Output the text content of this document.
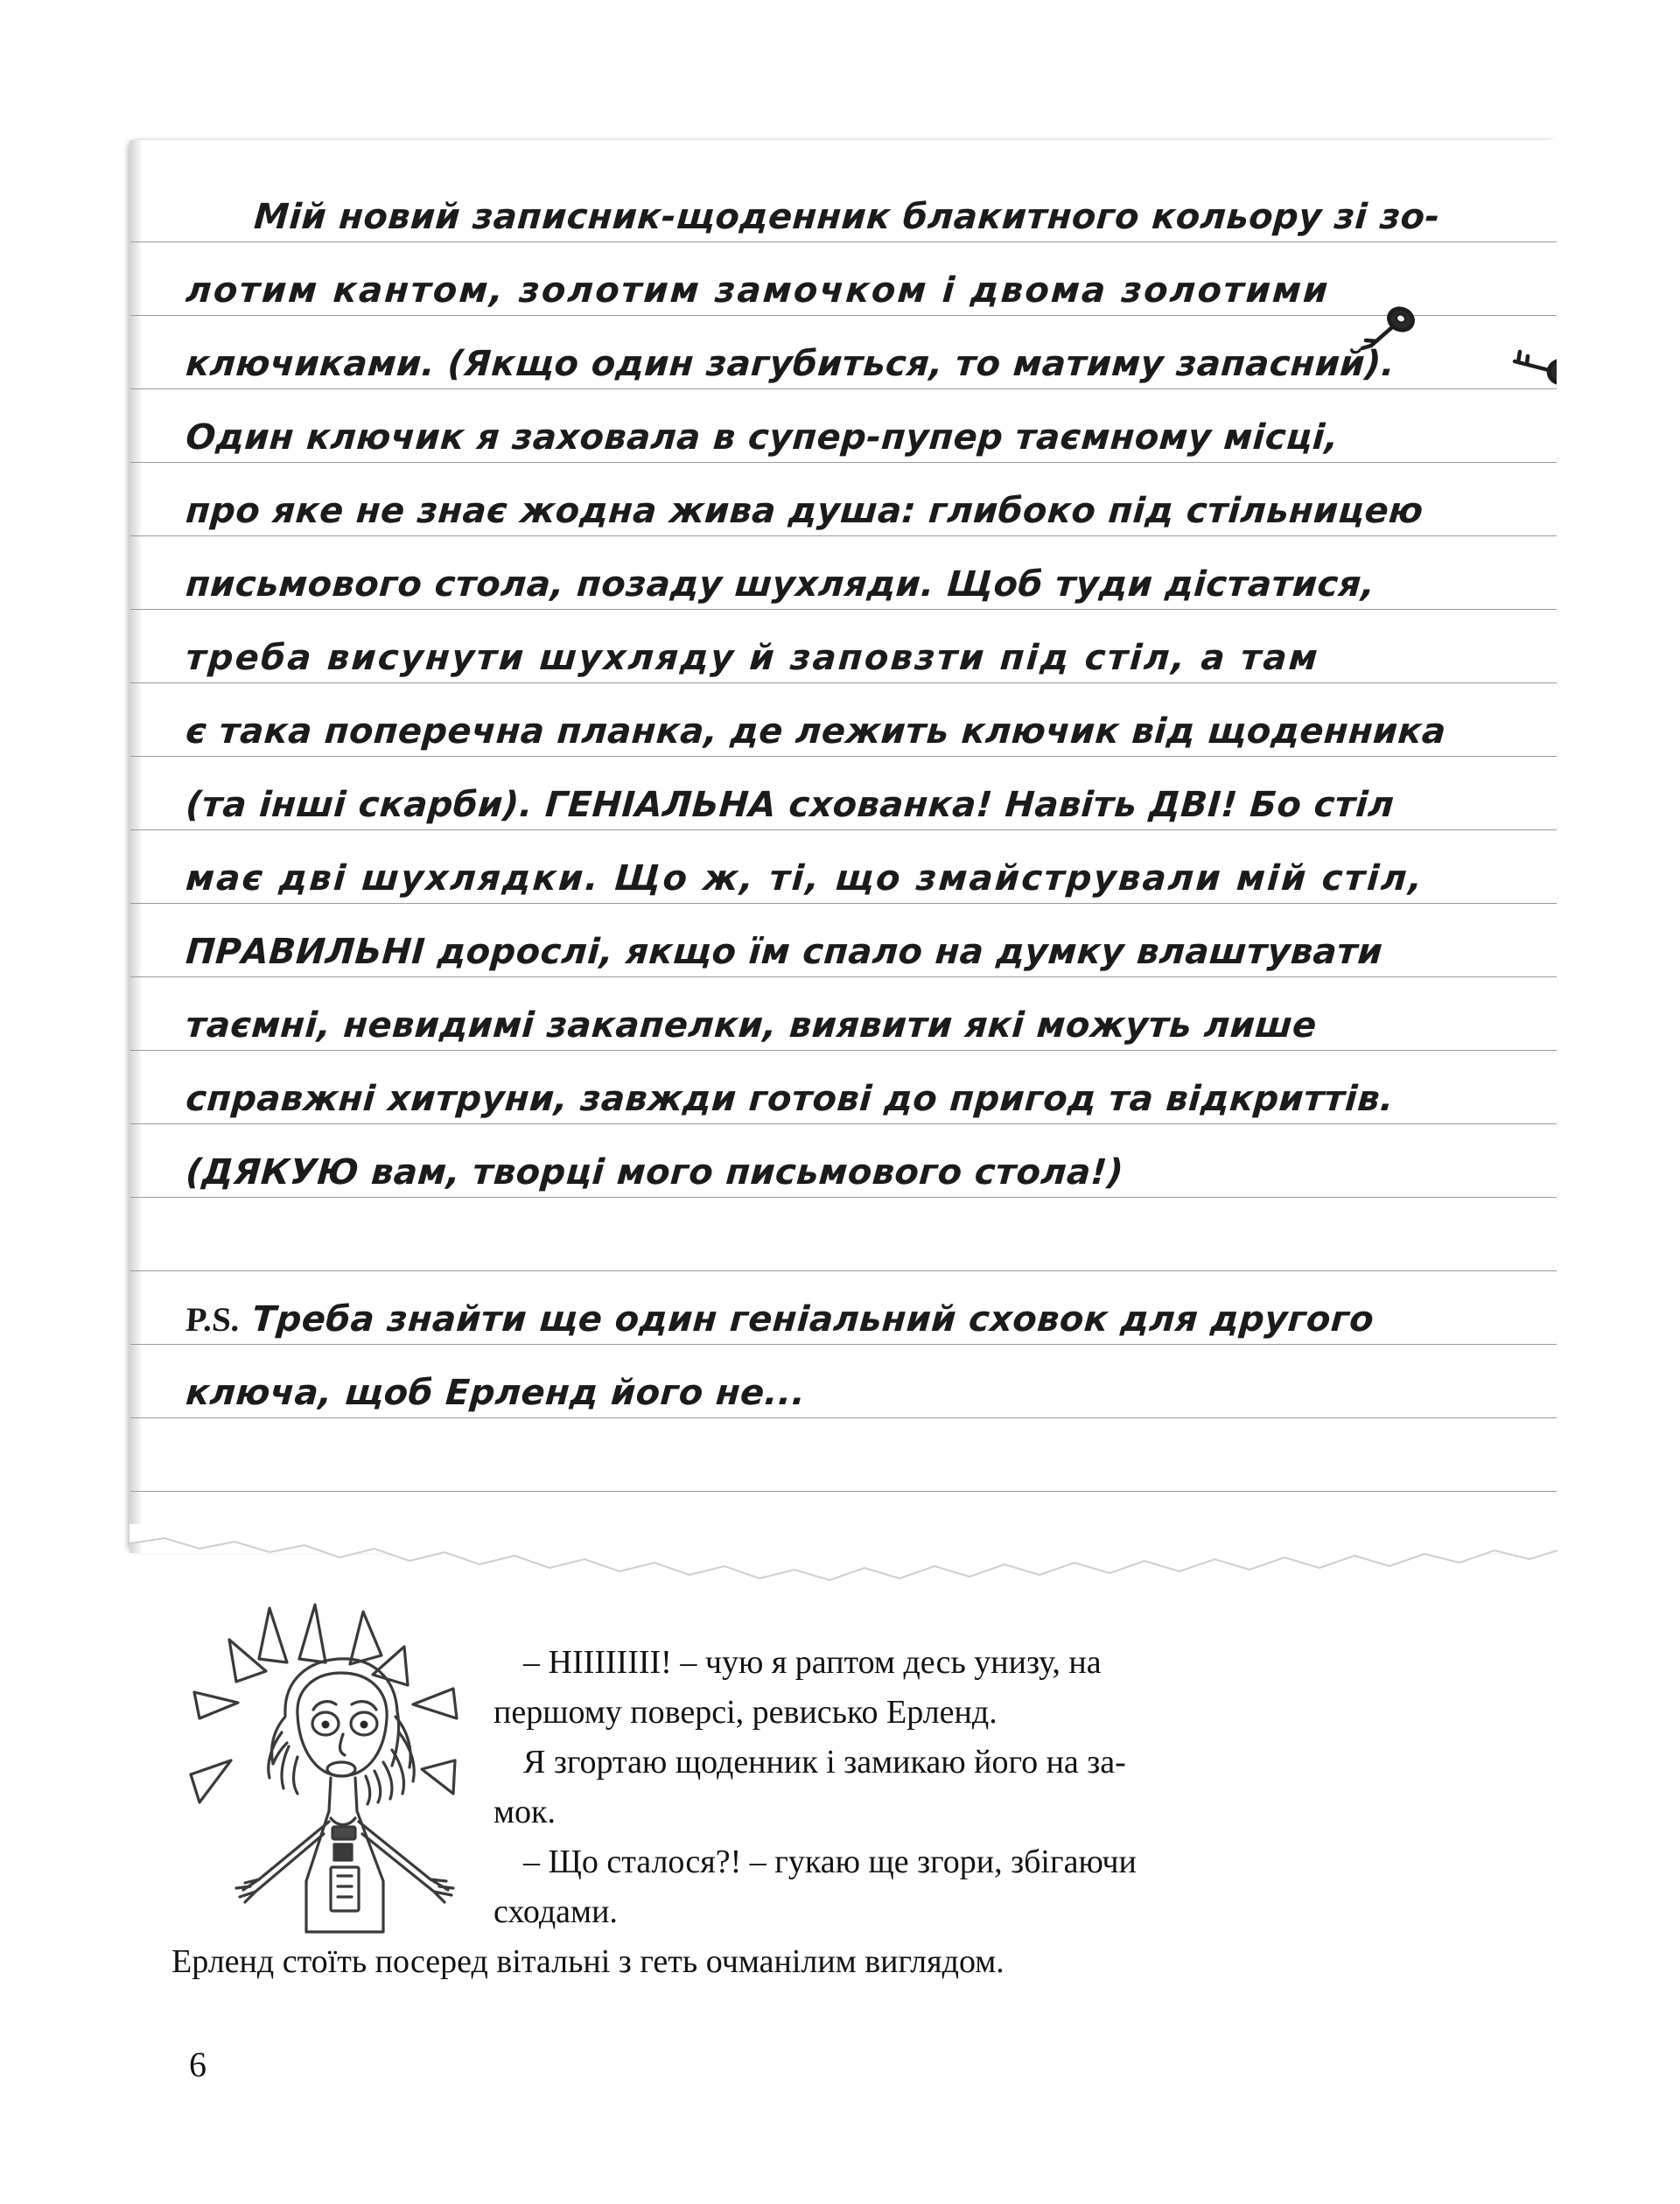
Мій новий записник-щоденник блакитного кольору зі зо-
лотим кантом, золотим замочком і двома золотими
ключиками. (Якщо один загубиться, то матиму запасний).
Один ключик я заховала в супер-пупер таємному місці,
про яке не знає жодна жива душа: глибоко під стільницею
письмового стола, позаду шухляди. Щоб туди дістатися,
треба висунути шухляду й заповзти під стіл, а там
є така поперечна планка, де лежить ключик від щоденника
(та інші скарби). ГЕНІАЛЬНА схованка! Навіть ДВІ! Бо стіл
має дві шухлядки. Що ж, ті, що змайстрували мій стіл,
ПРАВИЛЬНІ дорослі, якщо їм спало на думку влаштувати
таємні, невидимі закапелки, виявити які можуть лише
справжні хитруни, завжди готові до пригод та відкриттів.
(ДЯКУЮ вам, творці мого письмового стола!)
P.S. Треба знайти ще один геніальний сховок для другого
ключа, щоб Ерленд його не...
– НІІІІІІІІ! – чую я раптом десь унизу, на
першому поверсі, ревисько Ерленд.
Я згортаю щоденник і замикаю його на за-
мок.
– Що сталося?! – гукаю ще згори, збігаючи
сходами.
Ерленд стоїть посеред вітальні з геть очманілим виглядом.
6
